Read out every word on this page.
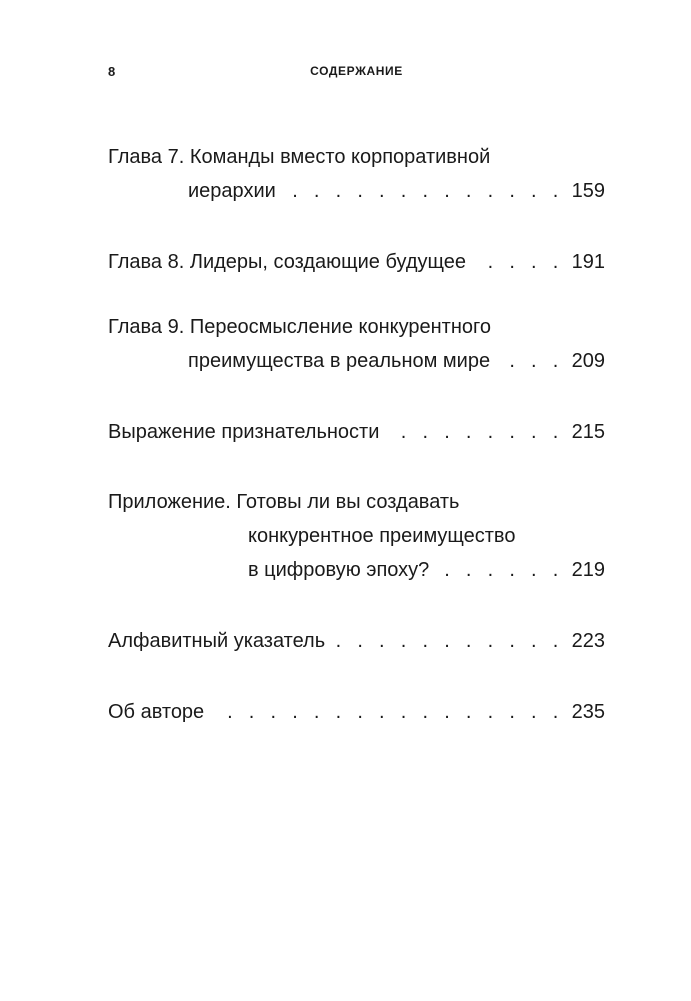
8	СОДЕРЖАНИЕ
Глава 7. Команды вместо корпоративной
иерархии . . .	159
Глава 8. Лидеры, создающие будущее . . .	191
Глава 9. Переосмысление конкурентного
преимущества в реальном мире . . .	209
Выражение признательности . . .	215
Приложение. Готовы ли вы создавать
конкурентное преимущество
в цифровую эпоху? . . .	219
Алфавитный указатель . . .	223
Об авторе . . .	235
